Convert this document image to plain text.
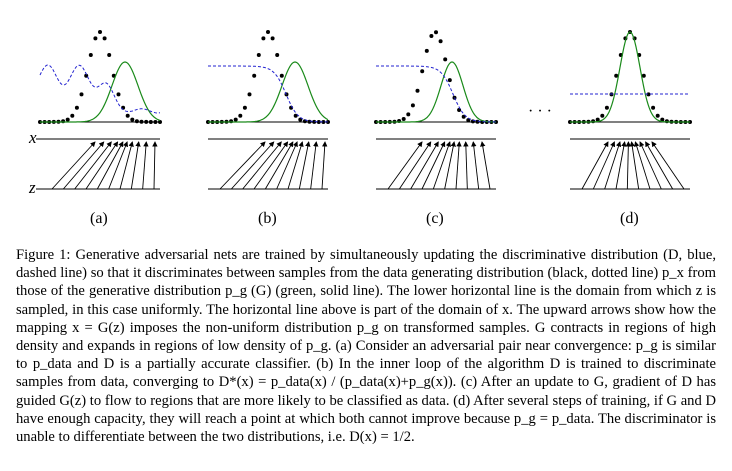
x
z
· · ·
(a)	(b)	(c)	(d)
Figure 1: Generative adversarial nets are trained by simultaneously updating the discriminative distribution (D, blue, dashed line) so that it discriminates between samples from the data generating distribution (black, dotted line) p_x from those of the generative distribution p_g (G) (green, solid line). The lower horizontal line is the domain from which z is sampled, in this case uniformly. The horizontal line above is part of the domain of x. The upward arrows show how the mapping x = G(z) imposes the non-uniform distribution p_g on transformed samples. G contracts in regions of high density and expands in regions of low density of p_g. (a) Consider an adversarial pair near convergence: p_g is similar to p_data and D is a partially accurate classifier. (b) In the inner loop of the algorithm D is trained to discriminate samples from data, converging to D*(x) = p_data(x) / (p_data(x)+p_g(x)). (c) After an update to G, gradient of D has guided G(z) to flow to regions that are more likely to be classified as data. (d) After several steps of training, if G and D have enough capacity, they will reach a point at which both cannot improve because p_g = p_data. The discriminator is unable to differentiate between the two distributions, i.e. D(x) = 1/2.
